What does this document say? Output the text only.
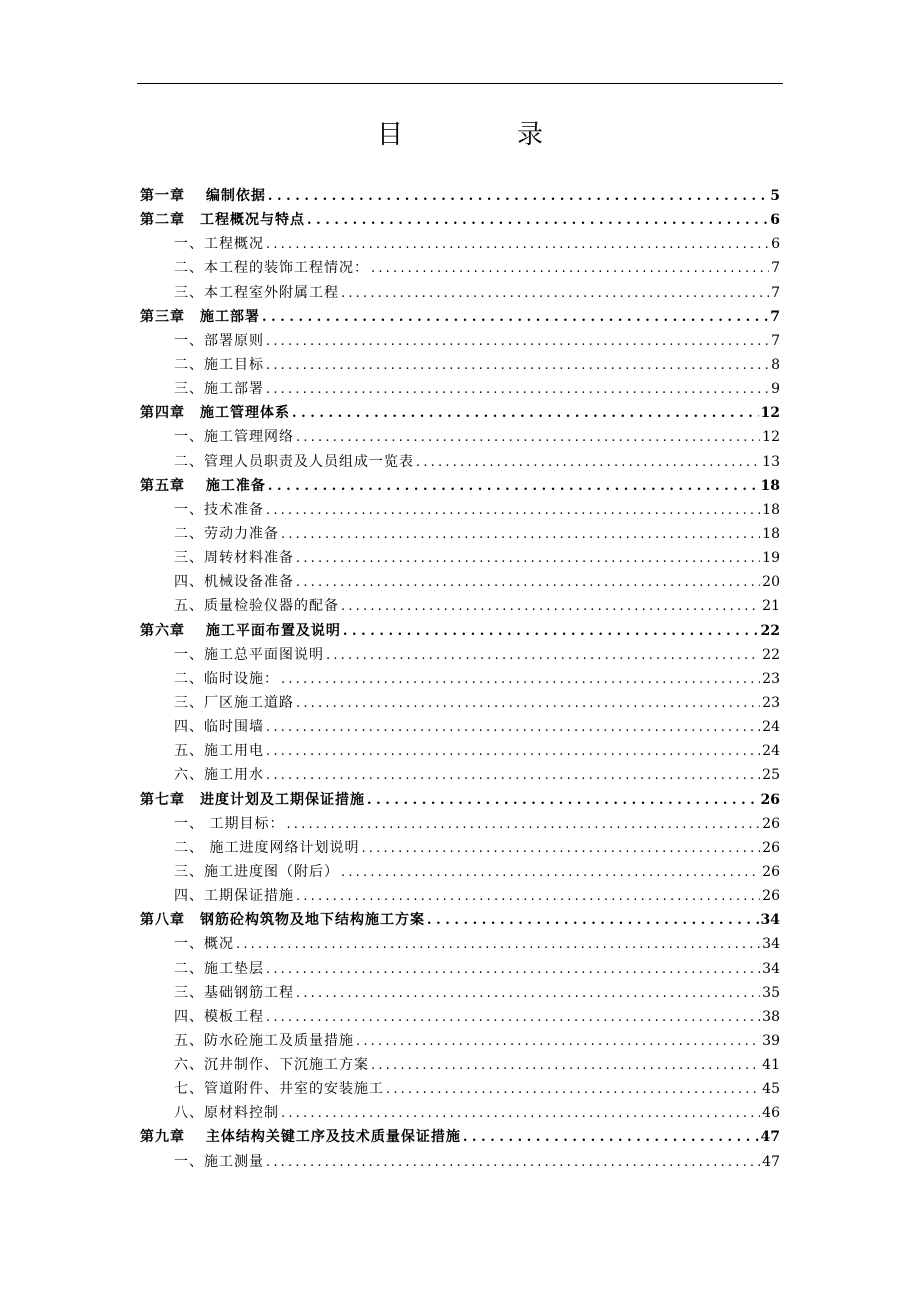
目　录
第一章　 编制依据 .....	5
第二章　工程概况与特点 .....	6
一、工程概况 .....	6
二、本工程的装饰工程情况： .....	7
三、本工程室外附属工程 .....	7
第三章　施工部署 .....	7
一、部署原则 .....	7
二、施工目标 .....	8
三、施工部署 .....	9
第四章　施工管理体系 .....	12
一、施工管理网络 .....	12
二、管理人员职责及人员组成一览表 .....	13
第五章　 施工准备 .....	18
一、技术准备 .....	18
二、劳动力准备 .....	18
三、周转材料准备 .....	19
四、机械设备准备 .....	20
五、质量检验仪器的配备 .....	21
第六章　 施工平面布置及说明 .....	22
一、施工总平面图说明 .....	22
二、临时设施： .....	23
三、厂区施工道路 .....	23
四、临时围墙 .....	24
五、施工用电 .....	24
六、施工用水 .....	25
第七章　进度计划及工期保证措施 .....	26
一、 工期目标： .....	26
二、 施工进度网络计划说明 .....	26
三、施工进度图（附后） .....	26
四、工期保证措施 .....	26
第八章　钢筋砼构筑物及地下结构施工方案 .....	34
一、概况 .....	34
二、施工垫层 .....	34
三、基础钢筋工程 .....	35
四、模板工程 .....	38
五、防水砼施工及质量措施 .....	39
六、沉井制作、下沉施工方案 .....	41
七、管道附件、井室的安装施工 .....	45
八、原材料控制 .....	46
第九章　 主体结构关键工序及技术质量保证措施 .....	47
一、施工测量 .....	47
